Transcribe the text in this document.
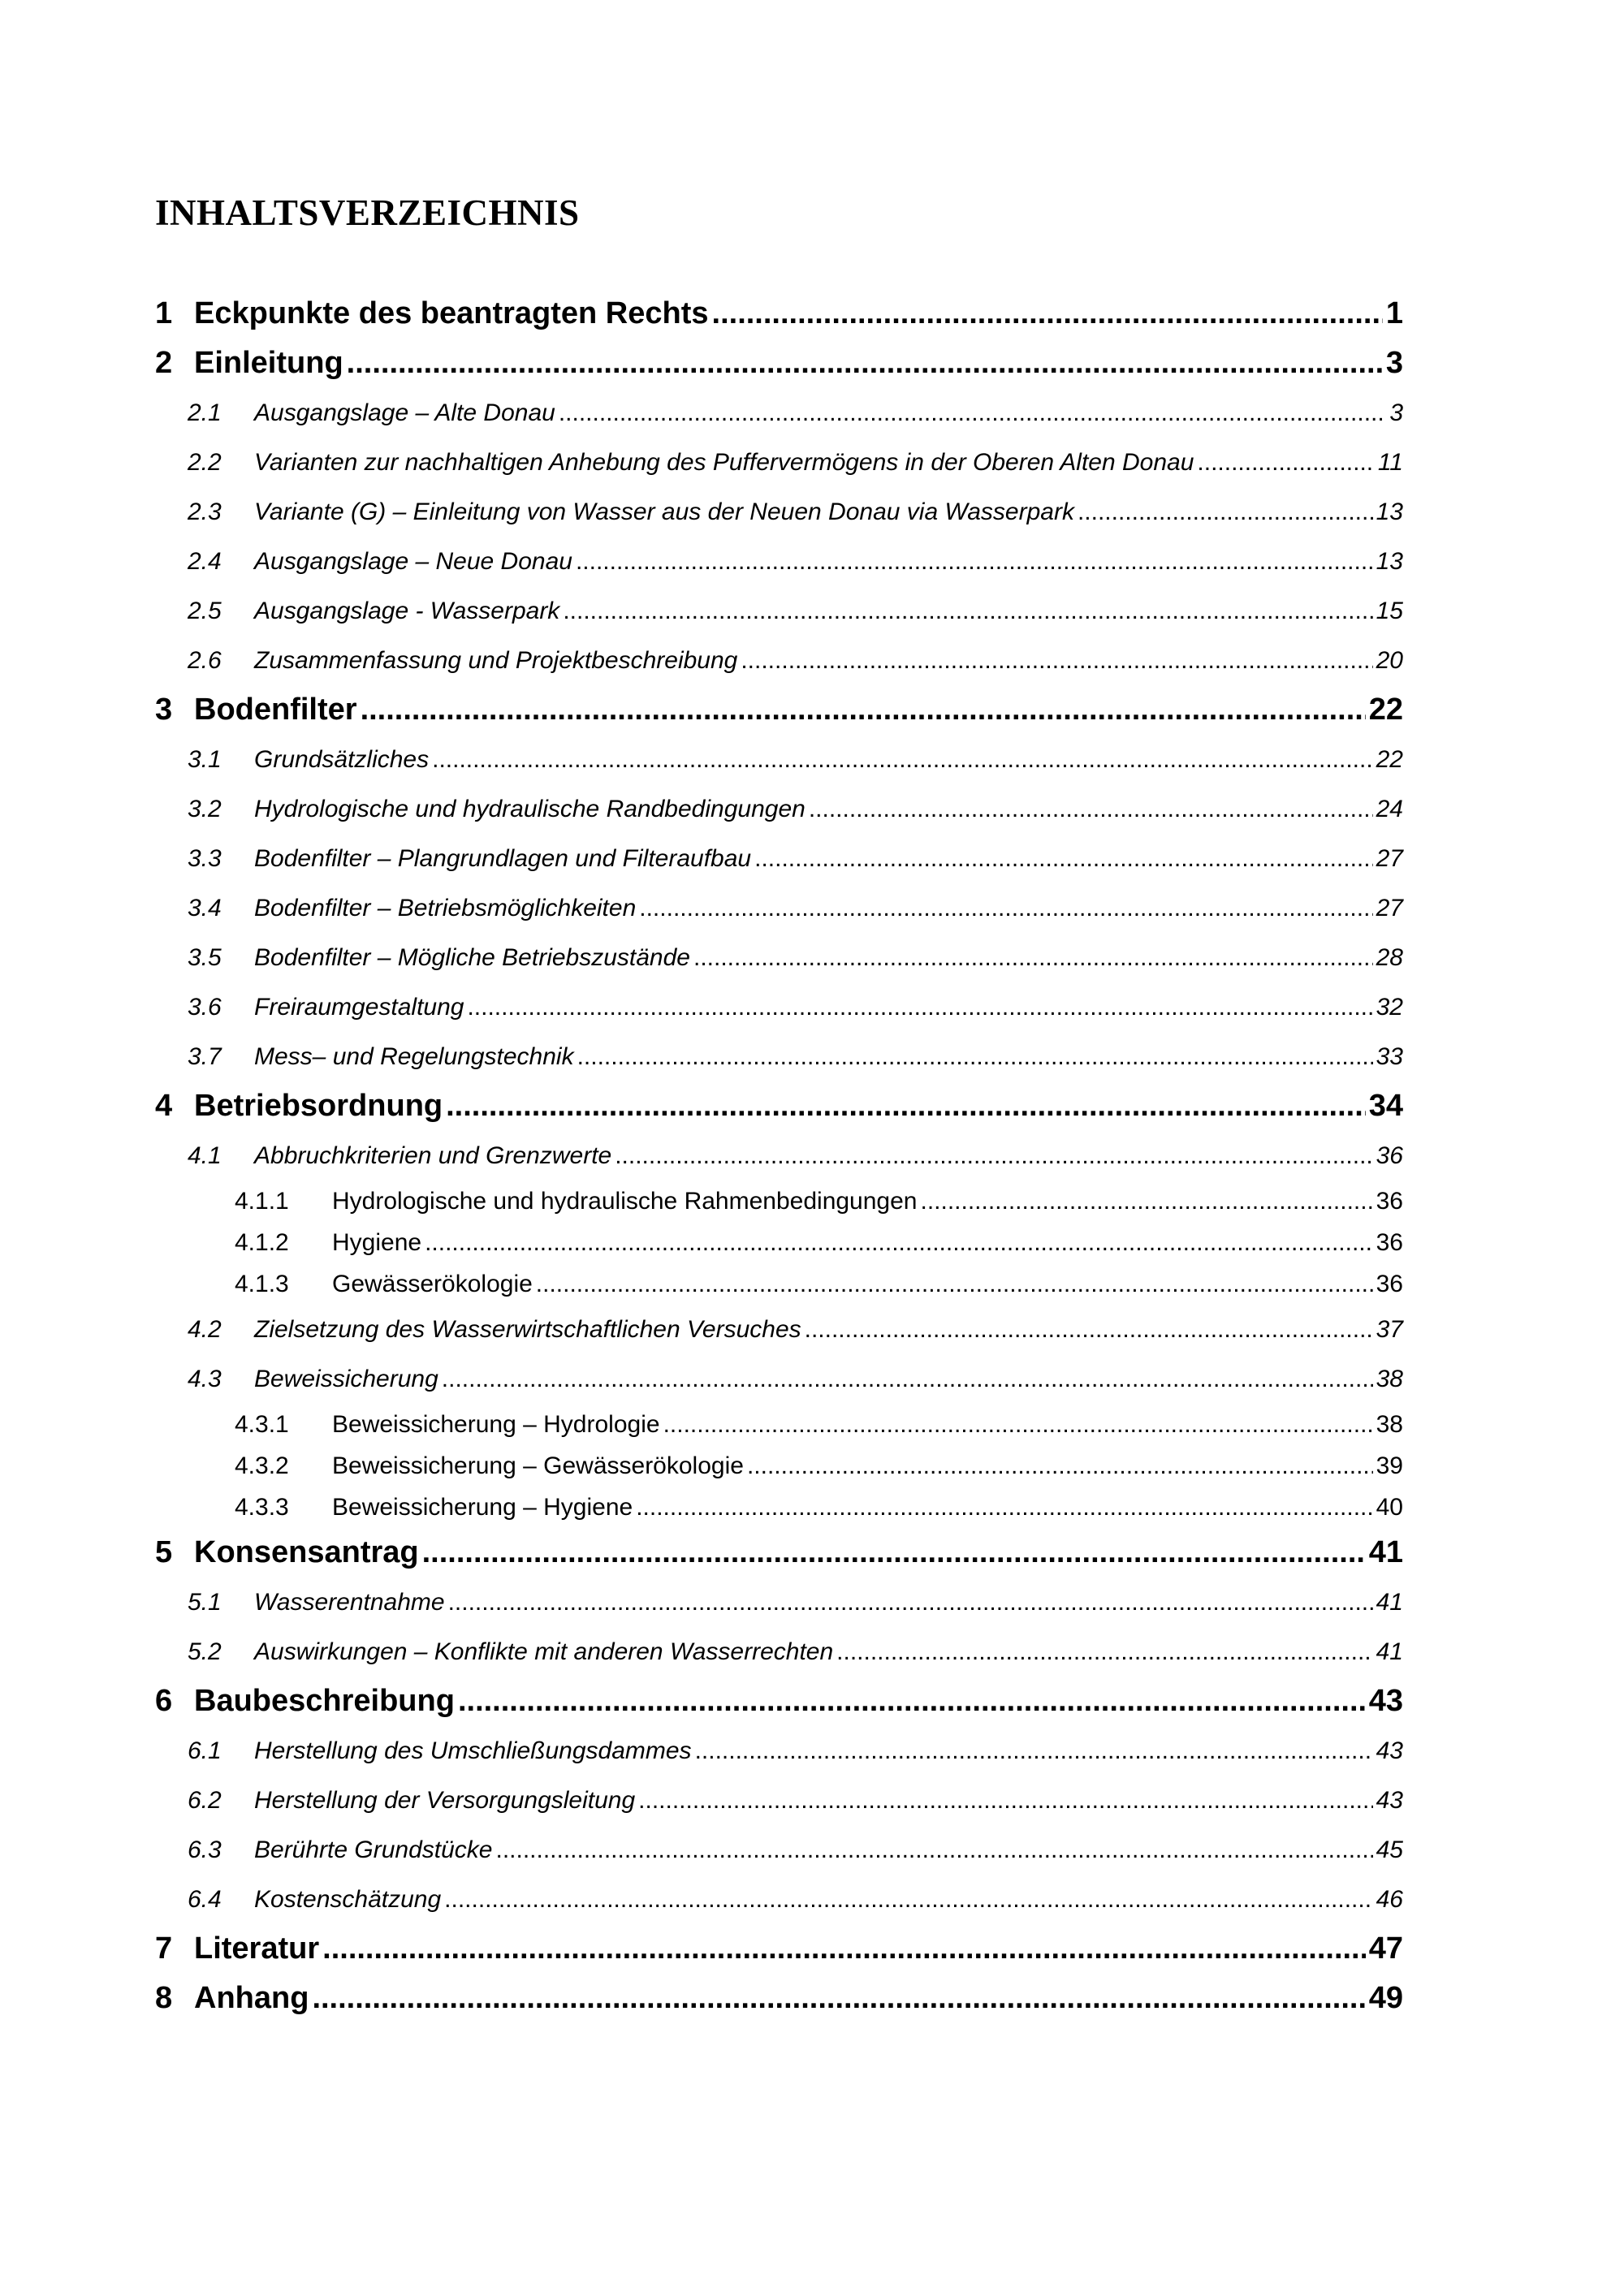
INHALTSVERZEICHNIS
1 Eckpunkte des beantragten Rechts .....	1
2 Einleitung .....	3
2.1	Ausgangslage – Alte Donau .....	3
2.2	Varianten zur nachhaltigen Anhebung des Puffervermögens in der Oberen Alten Donau .....	11
2.3	Variante (G) – Einleitung von Wasser aus der Neuen Donau via Wasserpark .....	13
2.4	Ausgangslage – Neue Donau .....	13
2.5	Ausgangslage - Wasserpark .....	15
2.6	Zusammenfassung und Projektbeschreibung .....	20
3 Bodenfilter .....	22
3.1	Grundsätzliches .....	22
3.2	Hydrologische und hydraulische Randbedingungen .....	24
3.3	Bodenfilter – Plangrundlagen und Filteraufbau .....	27
3.4	Bodenfilter – Betriebsmöglichkeiten .....	27
3.5	Bodenfilter – Mögliche Betriebszustände .....	28
3.6	Freiraumgestaltung .....	32
3.7	Mess– und Regelungstechnik .....	33
4 Betriebsordnung .....	34
4.1	Abbruchkriterien und Grenzwerte .....	36
4.1.1	Hydrologische und hydraulische Rahmenbedingungen .....	36
4.1.2	Hygiene .....	36
4.1.3	Gewässerökologie .....	36
4.2	Zielsetzung des Wasserwirtschaftlichen Versuches .....	37
4.3	Beweissicherung .....	38
4.3.1	Beweissicherung – Hydrologie .....	38
4.3.2	Beweissicherung – Gewässerökologie .....	39
4.3.3	Beweissicherung – Hygiene .....	40
5 Konsensantrag .....	41
5.1	Wasserentnahme .....	41
5.2	Auswirkungen – Konflikte mit anderen Wasserrechten .....	41
6 Baubeschreibung .....	43
6.1	Herstellung des Umschließungsdammes .....	43
6.2	Herstellung der Versorgungsleitung .....	43
6.3	Berührte Grundstücke .....	45
6.4	Kostenschätzung .....	46
7 Literatur .....	47
8 Anhang .....	49
